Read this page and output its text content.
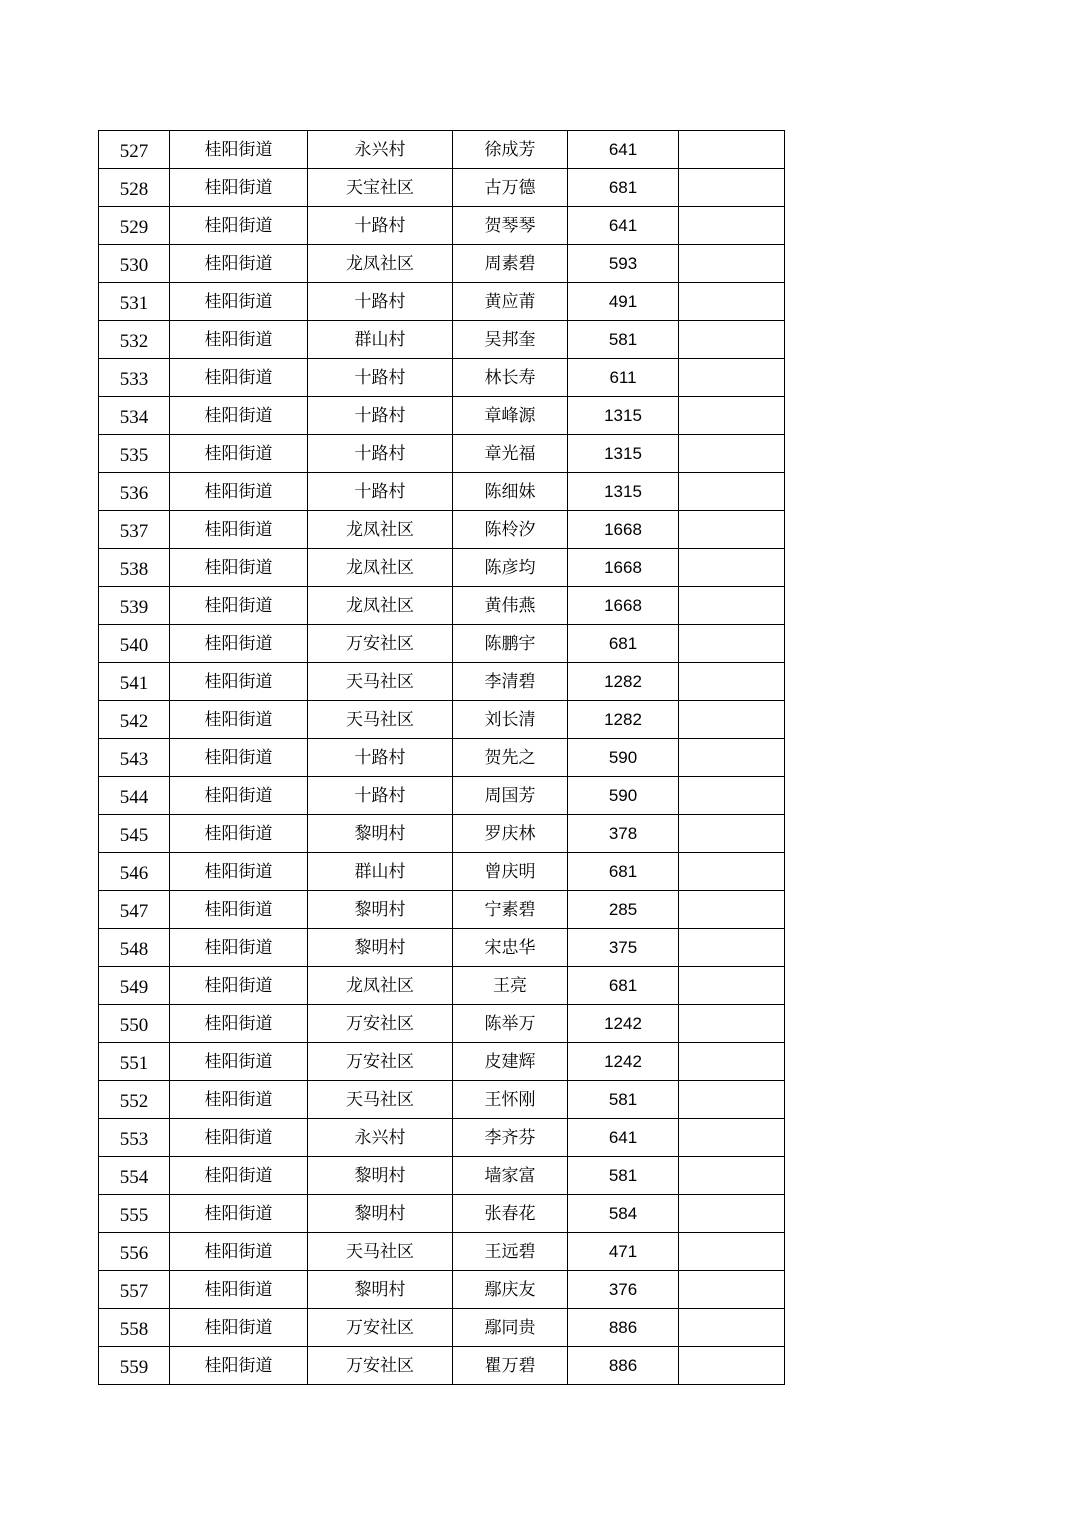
527	桂阳街道	永兴村	徐成芳	641	
528	桂阳街道	天宝社区	古万德	681	
529	桂阳街道	十路村	贺琴琴	641	
530	桂阳街道	龙凤社区	周素碧	593	
531	桂阳街道	十路村	黄应莆	491	
532	桂阳街道	群山村	吴邦奎	581	
533	桂阳街道	十路村	林长寿	611	
534	桂阳街道	十路村	章峰源	1315	
535	桂阳街道	十路村	章光福	1315	
536	桂阳街道	十路村	陈细妹	1315	
537	桂阳街道	龙凤社区	陈柃汐	1668	
538	桂阳街道	龙凤社区	陈彦均	1668	
539	桂阳街道	龙凤社区	黄伟燕	1668	
540	桂阳街道	万安社区	陈鹏宇	681	
541	桂阳街道	天马社区	李清碧	1282	
542	桂阳街道	天马社区	刘长清	1282	
543	桂阳街道	十路村	贺先之	590	
544	桂阳街道	十路村	周国芳	590	
545	桂阳街道	黎明村	罗庆林	378	
546	桂阳街道	群山村	曾庆明	681	
547	桂阳街道	黎明村	宁素碧	285	
548	桂阳街道	黎明村	宋忠华	375	
549	桂阳街道	龙凤社区	王亮	681	
550	桂阳街道	万安社区	陈举万	1242	
551	桂阳街道	万安社区	皮建辉	1242	
552	桂阳街道	天马社区	王怀刚	581	
553	桂阳街道	永兴村	李齐芬	641	
554	桂阳街道	黎明村	墙家富	581	
555	桂阳街道	黎明村	张春花	584	
556	桂阳街道	天马社区	王远碧	471	
557	桂阳街道	黎明村	鄢庆友	376	
558	桂阳街道	万安社区	鄢同贵	886	
559	桂阳街道	万安社区	瞿万碧	886	
